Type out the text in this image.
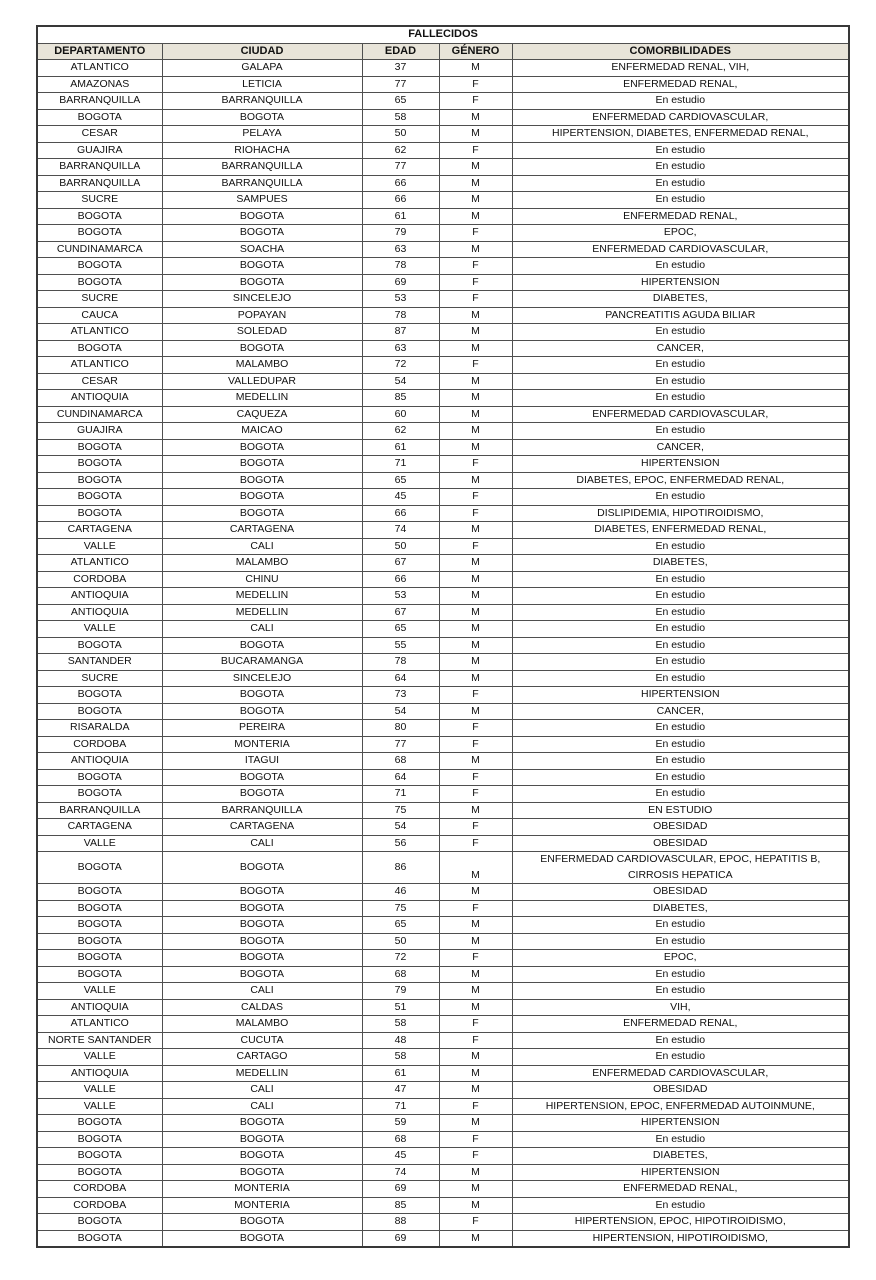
FALLECIDOS				
DEPARTAMENTO	CIUDAD	EDAD	GÉNERO	COMORBILIDADES
ATLANTICO	GALAPA	37	M	ENFERMEDAD RENAL, VIH,
AMAZONAS	LETICIA	77	F	ENFERMEDAD RENAL,
BARRANQUILLA	BARRANQUILLA	65	F	En estudio
BOGOTA	BOGOTA	58	M	ENFERMEDAD CARDIOVASCULAR,
CESAR	PELAYA	50	M	HIPERTENSION, DIABETES, ENFERMEDAD RENAL,
GUAJIRA	RIOHACHA	62	F	En estudio
BARRANQUILLA	BARRANQUILLA	77	M	En estudio
BARRANQUILLA	BARRANQUILLA	66	M	En estudio
SUCRE	SAMPUES	66	M	En estudio
BOGOTA	BOGOTA	61	M	ENFERMEDAD RENAL,
BOGOTA	BOGOTA	79	F	EPOC,
CUNDINAMARCA	SOACHA	63	M	ENFERMEDAD CARDIOVASCULAR,
BOGOTA	BOGOTA	78	F	En estudio
BOGOTA	BOGOTA	69	F	HIPERTENSION
SUCRE	SINCELEJO	53	F	DIABETES,
CAUCA	POPAYAN	78	M	PANCREATITIS AGUDA BILIAR
ATLANTICO	SOLEDAD	87	M	En estudio
BOGOTA	BOGOTA	63	M	CANCER,
ATLANTICO	MALAMBO	72	F	En estudio
CESAR	VALLEDUPAR	54	M	En estudio
ANTIOQUIA	MEDELLIN	85	M	En estudio
CUNDINAMARCA	CAQUEZA	60	M	ENFERMEDAD CARDIOVASCULAR,
GUAJIRA	MAICAO	62	M	En estudio
BOGOTA	BOGOTA	61	M	CANCER,
BOGOTA	BOGOTA	71	F	HIPERTENSION
BOGOTA	BOGOTA	65	M	DIABETES, EPOC, ENFERMEDAD RENAL,
BOGOTA	BOGOTA	45	F	En estudio
BOGOTA	BOGOTA	66	F	DISLIPIDEMIA, HIPOTIROIDISMO,
CARTAGENA	CARTAGENA	74	M	DIABETES, ENFERMEDAD RENAL,
VALLE	CALI	50	F	En estudio
ATLANTICO	MALAMBO	67	M	DIABETES,
CORDOBA	CHINU	66	M	En estudio
ANTIOQUIA	MEDELLIN	53	M	En estudio
ANTIOQUIA	MEDELLIN	67	M	En estudio
VALLE	CALI	65	M	En estudio
BOGOTA	BOGOTA	55	M	En estudio
SANTANDER	BUCARAMANGA	78	M	En estudio
SUCRE	SINCELEJO	64	M	En estudio
BOGOTA	BOGOTA	73	F	HIPERTENSION
BOGOTA	BOGOTA	54	M	CANCER,
RISARALDA	PEREIRA	80	F	En estudio
CORDOBA	MONTERIA	77	F	En estudio
ANTIOQUIA	ITAGUI	68	M	En estudio
BOGOTA	BOGOTA	64	F	En estudio
BOGOTA	BOGOTA	71	F	En estudio
BARRANQUILLA	BARRANQUILLA	75	M	EN ESTUDIO
CARTAGENA	CARTAGENA	54	F	OBESIDAD
VALLE	CALI	56	F	OBESIDAD
BOGOTA	BOGOTA	86	M	ENFERMEDAD CARDIOVASCULAR, EPOC, HEPATITIS B, CIRROSIS HEPATICA
BOGOTA	BOGOTA	46	M	OBESIDAD
BOGOTA	BOGOTA	75	F	DIABETES,
BOGOTA	BOGOTA	65	M	En estudio
BOGOTA	BOGOTA	50	M	En estudio
BOGOTA	BOGOTA	72	F	EPOC,
BOGOTA	BOGOTA	68	M	En estudio
VALLE	CALI	79	M	En estudio
ANTIOQUIA	CALDAS	51	M	VIH,
ATLANTICO	MALAMBO	58	F	ENFERMEDAD RENAL,
NORTE SANTANDER	CUCUTA	48	F	En estudio
VALLE	CARTAGO	58	M	En estudio
ANTIOQUIA	MEDELLIN	61	M	ENFERMEDAD CARDIOVASCULAR,
VALLE	CALI	47	M	OBESIDAD
VALLE	CALI	71	F	HIPERTENSION, EPOC, ENFERMEDAD AUTOINMUNE,
BOGOTA	BOGOTA	59	M	HIPERTENSION
BOGOTA	BOGOTA	68	F	En estudio
BOGOTA	BOGOTA	45	F	DIABETES,
BOGOTA	BOGOTA	74	M	HIPERTENSION
CORDOBA	MONTERIA	69	M	ENFERMEDAD RENAL,
CORDOBA	MONTERIA	85	M	En estudio
BOGOTA	BOGOTA	88	F	HIPERTENSION, EPOC, HIPOTIROIDISMO,
BOGOTA	BOGOTA	69	M	HIPERTENSION, HIPOTIROIDISMO,
